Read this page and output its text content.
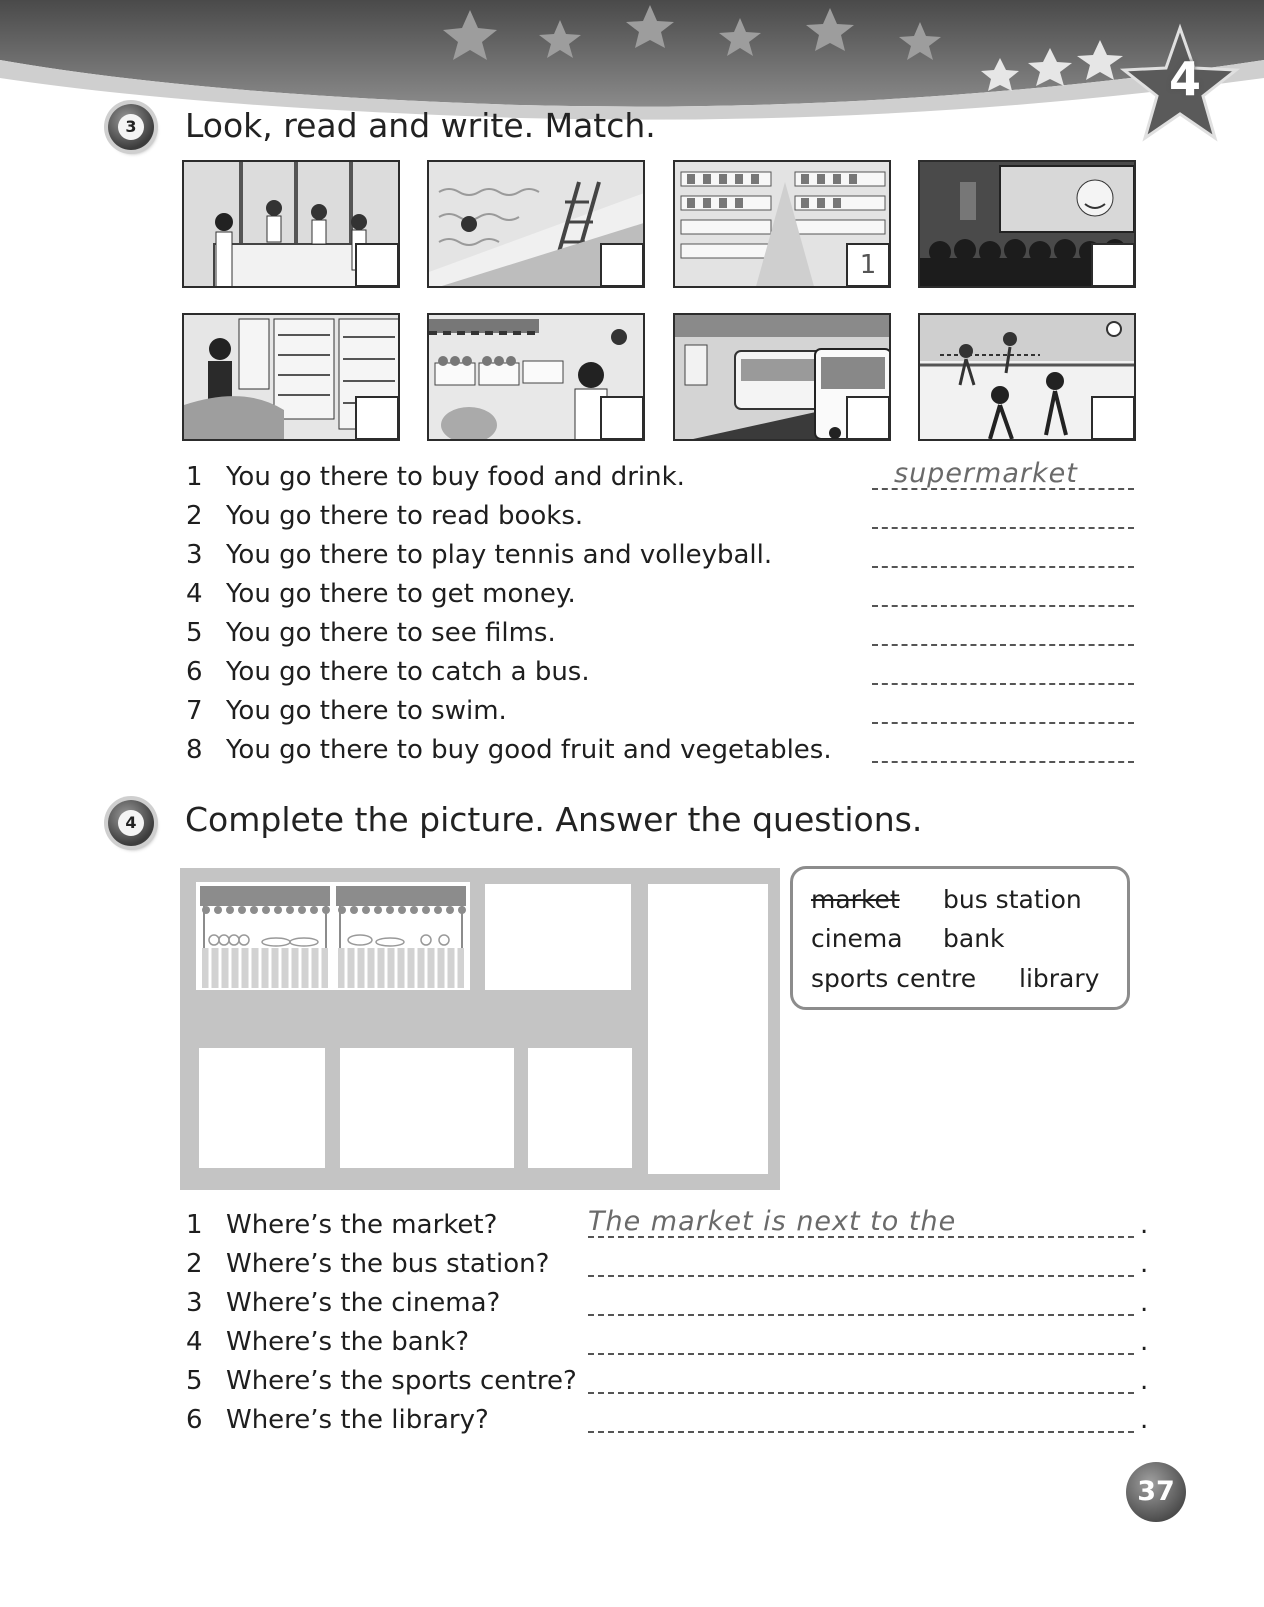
4
3 Look, read and write. Match.
1
1 You go there to buy food and drink.	supermarket
2 You go there to read books.
3 You go there to play tennis and volleyball.
4 You go there to get money.
5 You go there to see films.
6 You go there to catch a bus.
7 You go there to swim.
8 You go there to buy good fruit and vegetables.
4 Complete the picture. Answer the questions.
market bus station
cinema bank
sports centre library
1 Where’s the market?	The market is next to the	.
2 Where’s the bus station?	.
3 Where’s the cinema?	.
4 Where’s the bank?	.
5 Where’s the sports centre?	.
6 Where’s the library?	.
37
